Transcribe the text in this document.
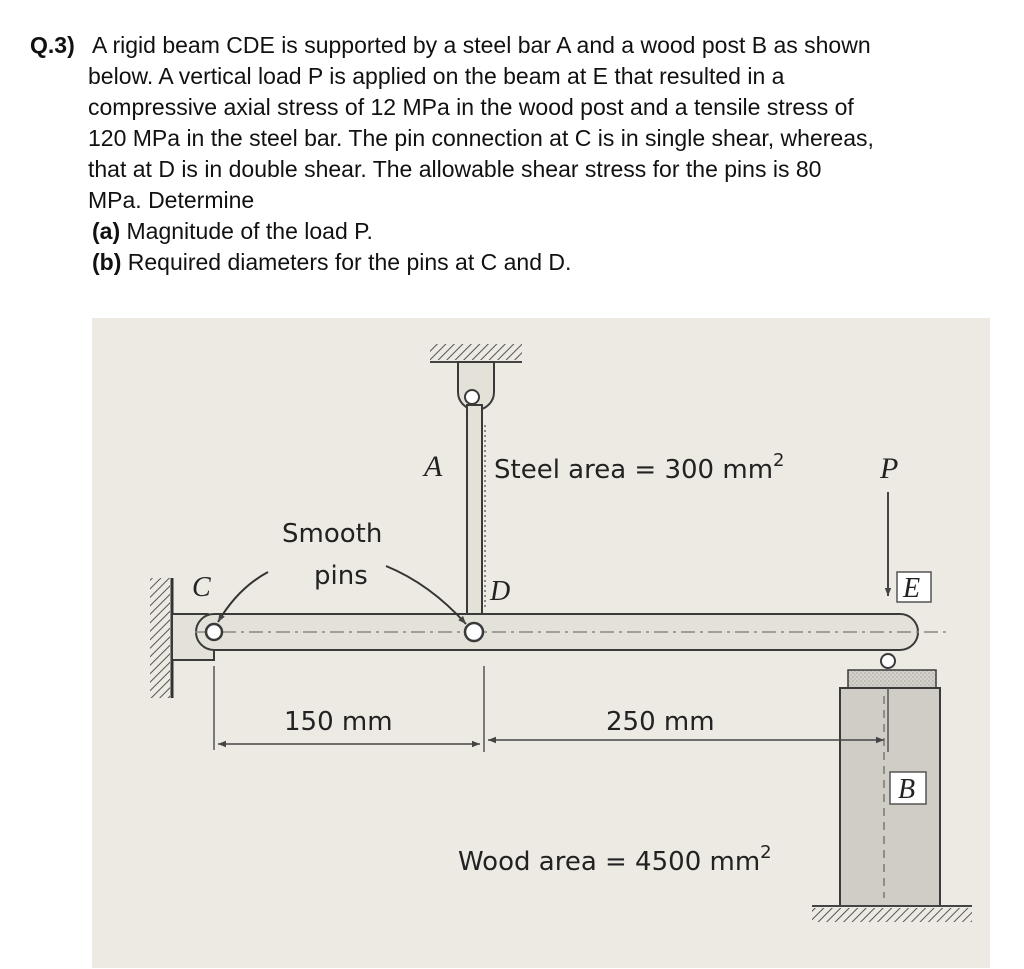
Q.3) A rigid beam CDE is supported by a steel bar A and a wood post B as shown
below. A vertical load P is applied on the beam at E that resulted in a
compressive axial stress of 12 MPa in the wood post and a tensile stress of
120 MPa in the steel bar. The pin connection at C is in single shear, whereas,
that at D is in double shear. The allowable shear stress for the pins is 80
MPa. Determine
(a) Magnitude of the load P.
(b) Required diameters for the pins at C and D.
A Steel area = 300 $mm^2$	P
Smooth
pins
C	D	E
150 mm	250 mm
B
Wood area = 4500 $mm^2$
